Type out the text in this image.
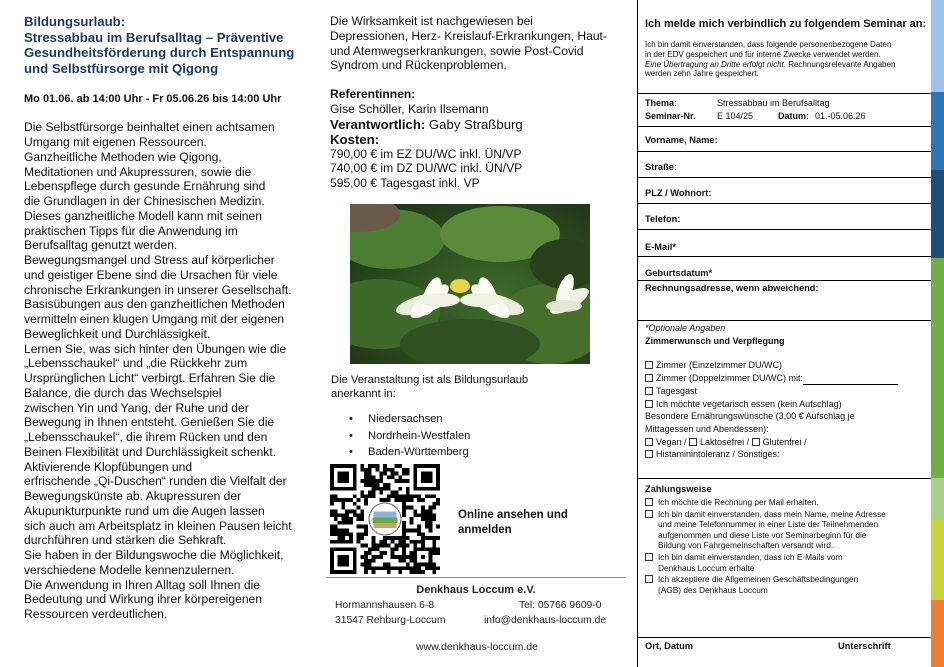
Bildungsurlaub:
Stressabbau im Berufsalltag – Präventive
Gesundheitsförderung durch Entspannung
und Selbstfürsorge mit Qigong
Mo 01.06. ab 14:00 Uhr - Fr 05.06.26 bis 14:00 Uhr
Die Selbstfürsorge beinhaltet einen achtsamen
Umgang mit eigenen Ressourcen.
Ganzheitliche Methoden wie Qigong,
Meditationen und Akupressuren, sowie die
Lebenspflege durch gesunde Ernährung sind
die Grundlagen in der Chinesischen Medizin.
Dieses ganzheitliche Modell kann mit seinen
praktischen Tipps für die Anwendung im
Berufsalltag genutzt werden.
Bewegungsmangel und Stress auf körperlicher
und geistiger Ebene sind die Ursachen für viele
chronische Erkrankungen in unserer Gesellschaft.
Basisübungen aus den ganzheitlichen Methoden
vermitteln einen klugen Umgang mit der eigenen
Beweglichkeit und Durchlässigkeit.
Lernen Sie, was sich hinter den Übungen wie die
„Lebensschaukel“ und „die Rückkehr zum
Ursprünglichen Licht“ verbirgt. Erfahren Sie die
Balance, die durch das Wechselspiel
zwischen Yin und Yang, der Ruhe und der
Bewegung in Ihnen entsteht. Genießen Sie die
„Lebensschaukel“, die ihrem Rücken und den
Beinen Flexibilität und Durchlässigkeit schenkt.
Aktivierende Klopfübungen und
erfrischende „Qi-Duschen“ runden die Vielfalt der
Bewegungskünste ab. Akupressuren der
Akupunkturpunkte rund um die Augen lassen
sich auch am Arbeitsplatz in kleinen Pausen leicht
durchführen und stärken die Sehkraft.
Sie haben in der Bildungswoche die Möglichkeit,
verschiedene Modelle kennenzulernen.
Die Anwendung in Ihren Alltag soll Ihnen die
Bedeutung und Wirkung ihrer körpereigenen
Ressourcen verdeutlichen.
Die Wirksamkeit ist nachgewiesen bei
Depressionen, Herz- Kreislauf-Erkrankungen, Haut-
und Atemwegserkrankungen, sowie Post-Covid
Syndrom und Rückenproblemen.
Referentinnen:
Gise Schöller, Karin Ilsemann
Verantwortlich: Gaby Straßburg
Kosten:
790,00 € im EZ DU/WC inkl. ÜN/VP
740,00 € im DZ DU/WC inkl. ÜN/VP
595,00 € Tagesgast inkl. VP
Die Veranstaltung ist als Bildungsurlaub
anerkannt in:
• Niedersachsen
• Nordrhein-Westfalen
• Baden-Württemberg
Online ansehen und
anmelden
Denkhaus Loccum e.V.
Hormannshausen 6-8
31547 Rehburg-Loccum
Tel: 05766 9609-0
info@denkhaus-loccum.de
www.denkhaus-loccum.de
Ich melde mich verbindlich zu folgendem Seminar an:
Ich bin damit einverstanden, dass folgende personenbezogene Daten
in der EDV gespeichert und für interne Zwecke verwendet werden.
Eine Übertragung an Dritte erfolgt nicht. Rechnungsrelevante Angaben
werden zehn Jahre gespeichert.
Thema:	Stressabbau im Berufsalltag
Seminar-Nr. E 104/25	Datum: 01.-05.06.26
Vorname, Name:
Straße:
PLZ / Wohnort:
Telefon:
E-Mail*
Geburtsdatum*
Rechnungsadresse, wenn abweichend:
*Optionale Angaben
Zimmerwunsch und Verpflegung
Zimmer (Einzelzimmer DU/WC)
Zimmer (Doppelzimmer DU/WC) mit:
Tagesgast
Ich möchte vegetarisch essen (kein Aufschlag)
Besondere Ernährungswünsche (3,00 € Aufschlag je
Mittagessen und Abendessen):
Vegan / Laktosefrei / Glutenfrei /
Histaminintoleranz / Sonstiges:
Zahlungsweise
Ich möchte die Rechnung per Mail erhalten.
Ich bin damit einverstanden, dass mein Name, meine Adresse
und meine Telefonnummer in einer Liste der Teilnehmenden
aufgenommen und diese Liste vor Seminarbeginn für die
Bildung von Fahrgemeinschaften versandt wird.
Ich bin damit einverstanden, dass ich E-Mails vom
Denkhaus Loccum erhalte
Ich akzeptiere die Allgemeinen Geschäftsbedingungen
(AGB) des Denkhaus Loccum
Ort, Datum	Unterschrift
